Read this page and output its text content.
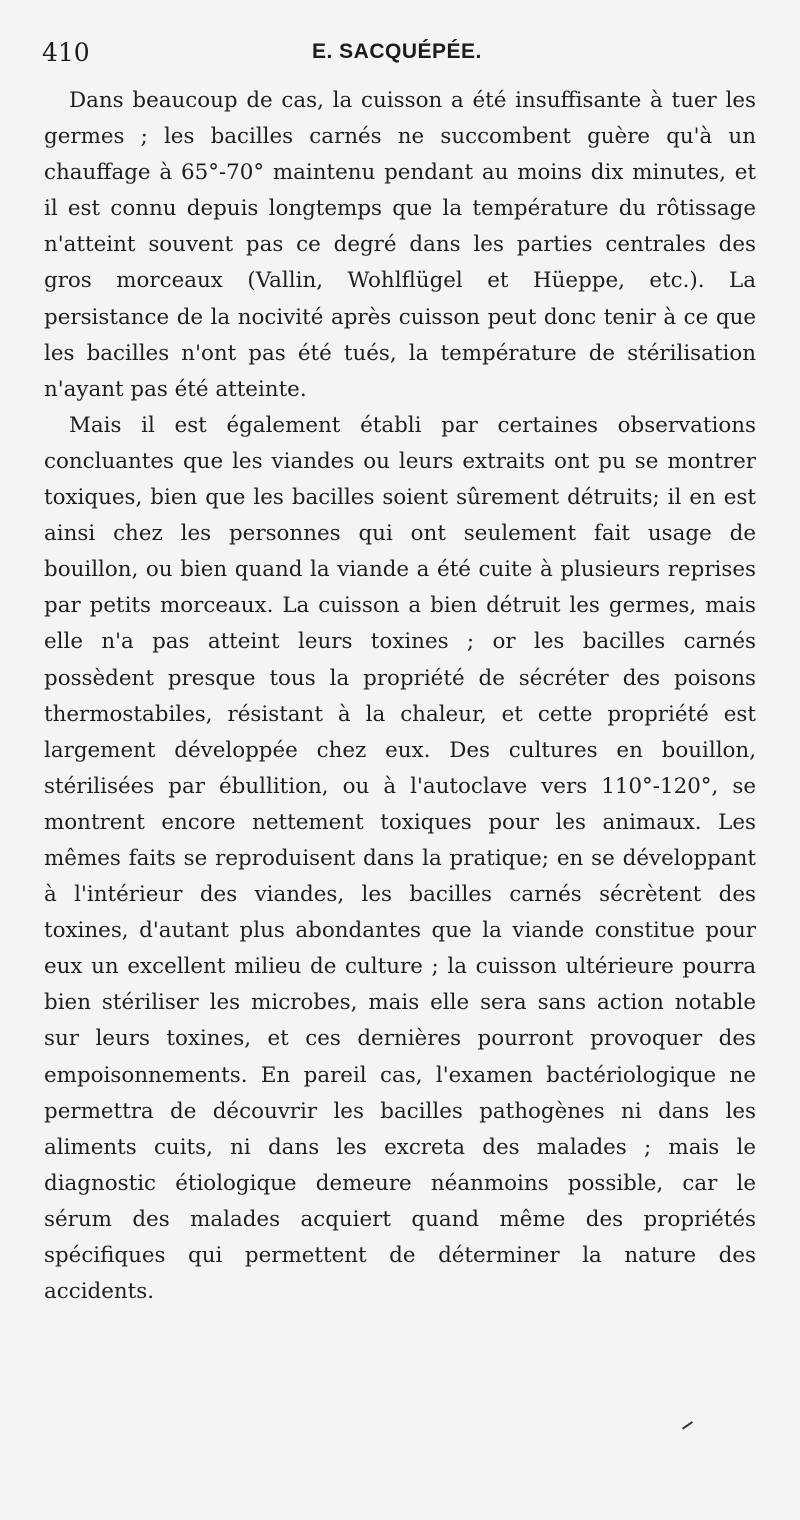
410	E. SACQUÉPÉE.

Dans beaucoup de cas, la cuisson a été insuffisante à tuer les germes ; les bacilles carnés ne succombent guère qu'à un chauffage à 65°-70° maintenu pendant au moins dix minutes, et il est connu depuis longtemps que la température du rôtissage n'atteint souvent pas ce degré dans les parties centrales des gros morceaux (Vallin, Wohlflügel et Hüeppe, etc.). La persistance de la nocivité après cuisson peut donc tenir à ce que les bacilles n'ont pas été tués, la température de stérilisation n'ayant pas été atteinte.

Mais il est également établi par certaines observations concluantes que les viandes ou leurs extraits ont pu se montrer toxiques, bien que les bacilles soient sûrement détruits; il en est ainsi chez les personnes qui ont seulement fait usage de bouillon, ou bien quand la viande a été cuite à plusieurs reprises par petits morceaux. La cuisson a bien détruit les germes, mais elle n'a pas atteint leurs toxines ; or les bacilles carnés possèdent presque tous la propriété de sécréter des poisons thermostabiles, résistant à la chaleur, et cette propriété est largement développée chez eux. Des cultures en bouillon, stérilisées par ébullition, ou à l'autoclave vers 110°-120°, se montrent encore nettement toxiques pour les animaux. Les mêmes faits se reproduisent dans la pratique; en se développant à l'intérieur des viandes, les bacilles carnés sécrètent des toxines, d'autant plus abondantes que la viande constitue pour eux un excellent milieu de culture ; la cuisson ultérieure pourra bien stériliser les microbes, mais elle sera sans action notable sur leurs toxines, et ces dernières pourront provoquer des empoisonnements. En pareil cas, l'examen bactériologique ne permettra de découvrir les bacilles pathogènes ni dans les aliments cuits, ni dans les excreta des malades ; mais le diagnostic étiologique demeure néanmoins possible, car le sérum des malades acquiert quand même des propriétés spécifiques qui permettent de déterminer la nature des accidents.
